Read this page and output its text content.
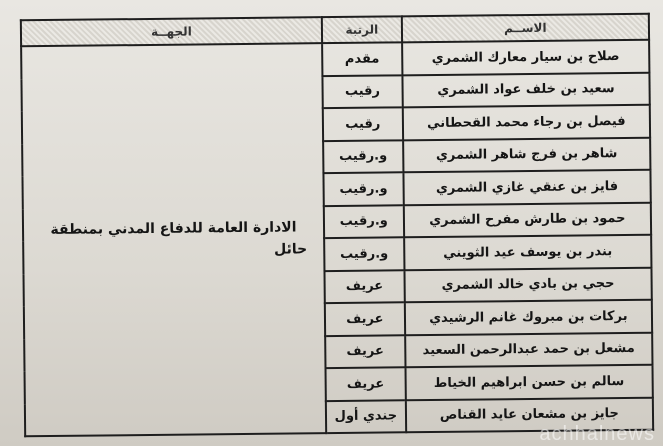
الاســم	الرتبة	الجهــة
صلاح بن سيار معارك الشمري	مقدم	الادارة العامة للدفاع المدني بمنطقة
حائل

سعيد بن خلف عواد الشمري	رقيب	
فيصل بن رجاء محمد القحطاني	رقيب	
شاهر بن فرج شاهر الشمري	و.رقيب	
فايز بن عنقي غازي الشمري	و.رقيب	
حمود بن طارش مفرح الشمري	و.رقيب	
بندر بن يوسف عيد الثويني	و.رقيب	
حجي بن بادي خالد الشمري	عريف	
بركات بن مبروك غانم الرشيدي	عريف	
مشعل بن حمد عبدالرحمن السعيد	عريف	
سالم بن حسن ابراهيم الخياط	عريف	
جايز بن مشعان عايد القناص	جندي أول	
achhalnews
